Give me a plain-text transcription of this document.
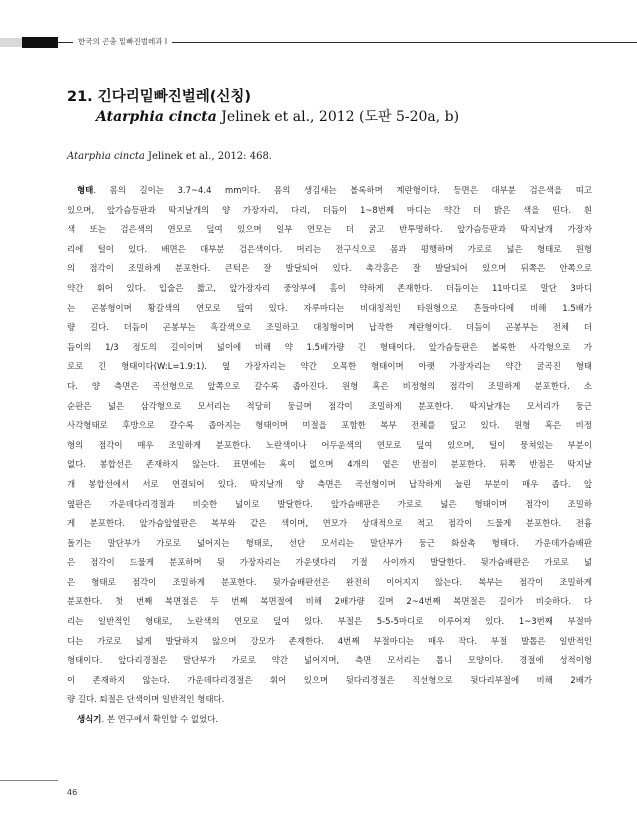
한국의 곤충 밑빠진벌레과 I
21. 긴다리밑빠진벌레(신칭)
Atarphia cincta Jelinek et al., 2012 (도판 5-20a, b)
Atarphia cincta Jelinek et al., 2012: 468.
형태. 몸의 길이는 3.7~4.4 mm이다. 몸의 생김새는 볼록하며 계란형이다. 등면은 대부분 검은색을 띠고
있으며, 앞가슴등판과 딱지날개의 양 가장자리, 다리, 더듬이 1~8번째 마디는 약간 더 밝은 색을 띤다. 흰
색 또는 검은색의 연모로 덮여 있으며 일부 연모는 더 굵고 반투명하다. 앞가슴등판과 딱지날개 가장자
리에 털이 있다. 배면은 대부분 검은색이다. 머리는 전구식으로 몸과 평행하며 가로로 넓은 형태로 원형
의 점각이 조밀하게 분포한다. 큰턱은 잘 발달되어 있다. 촉각홈은 잘 발달되어 있으며 뒤쪽은 안쪽으로
약간 휘어 있다. 입술은 짧고, 앞가장자리 중앙부에 홈이 약하게 존재한다. 더듬이는 11마디로 말단 3마디
는 곤봉형이며 황갈색의 연모로 덮여 있다. 자루마디는 비대칭적인 타원형으로 흔들마디에 비해 1.5배가
량 길다. 더듬이 곤봉부는 흑갈색으로 조밀하고 대칭형이며 납작한 계란형이다. 더듬이 곤봉부는 전체 더
듬이의 1/3 정도의 길이이며 넓이에 비해 약 1.5배가량 긴 형태이다. 앞가슴등판은 볼록한 사각형으로 가
로로 긴 형태이다(W:L=1.9:1). 옆 가장자리는 약간 오목한 형태이며 아랫 가장자리는 약간 굴곡진 형태
다. 양 측면은 곡선형으로 앞쪽으로 갈수록 좁아진다. 원형 혹은 비정형의 점각이 조밀하게 분포한다. 소
순판은 넓은 삼각형으로 모서리는 적당히 둥글며 점각이 조밀하게 분포한다. 딱지날개는 모서리가 둥근
사각형태로 후방으로 갈수록 좁아지는 형태이며 미절을 포함한 복부 전체를 덮고 있다. 원형 혹은 비정
형의 점각이 매우 조밀하게 분포한다. 노란색이나 어두운색의 연모로 덮여 있으며, 털이 뭉쳐있는 부분이
없다. 봉합선은 존재하지 않는다. 표면에는 혹이 없으며 4개의 옅은 반점이 분포한다. 뒤쪽 반점은 딱지날
개 봉합선에서 서로 연결되어 있다. 딱지날개 양 측면은 곡선형이며 납작하게 눌린 부분이 매우 좁다. 앞
옆판은 가운데다리경절과 비슷한 넓이로 발달한다. 앞가슴배판은 가로로 넓은 형태이며 점각이 조밀하
게 분포한다. 앞가슴앞옆판은 복부와 같은 색이며, 연모가 상대적으로 적고 점각이 드물게 분포한다. 전흉
돌기는 말단부가 가로로 넓어지는 형태로, 선단 모서리는 말단부가 둥근 화살촉 형태다. 가운데가슴배판
은 점각이 드물게 분포하며 뒷 가장자리는 가운뎃다리 기절 사이까지 발달한다. 뒷가슴배판은 가로로 넓
은 형태로 점각이 조밀하게 분포한다. 뒷가슴배판선은 완전히 이어지지 않는다. 복부는 점각이 조밀하게
분포한다. 첫 번째 복면절은 두 번째 복면절에 비해 2배가량 길며 2~4번째 복면절은 길이가 비슷하다. 다
리는 일반적인 형태로, 노란색의 연모로 덮여 있다. 부절은 5-5-5마디로 이루어져 있다. 1~3번째 부절마
디는 가로로 넓게 발달하지 않으며 강모가 존재한다. 4번째 부절마디는 매우 작다. 부절 발톱은 일반적인
형태이다. 앞다리경절은 말단부가 가로로 약간 넓어지며, 측면 모서리는 톱니 모양이다. 경절에 성적이형
이 존재하지 않는다. 가운데다리경절은 휘어 있으며 뒷다리경절은 직선형으로 뒷다리부절에 비해 2배가
량 길다. 퇴절은 단색이며 일반적인 형태다.
생식기. 본 연구에서 확인할 수 없었다.
46
